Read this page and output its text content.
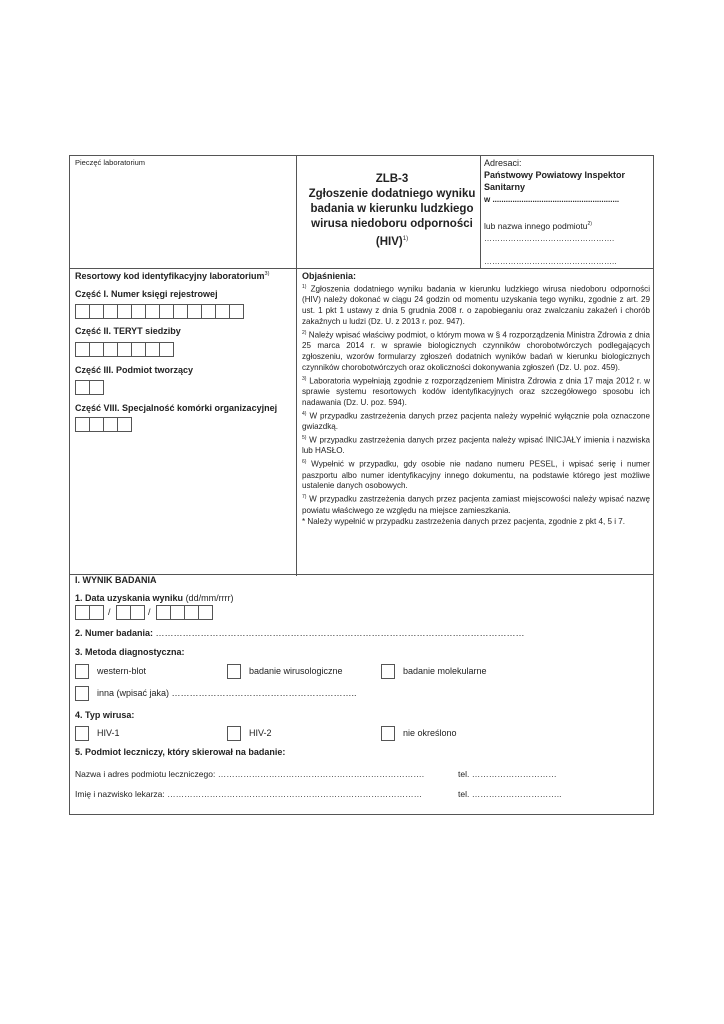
Pieczęć laboratorium
ZLB-3
Zgłoszenie dodatniego wyniku badania w kierunku ludzkiego wirusa niedoboru odporności (HIV)$^{1)}$
Adresaci:
Państwowy Powiatowy Inspektor Sanitarny
w .........................................................
lub nazwa innego podmiotu$^{2)}$
………………………………………….
…………………………………………..
Resortowy kod identyfikacyjny laboratorium$^{3)}$
Część I. Numer księgi rejestrowej
Część II. TERYT siedziby
Część III. Podmiot tworzący
Część VIII. Specjalność komórki organizacyjnej

Objaśnienia:

$^{1)}$ Zgłoszenia dodatniego wyniku badania w kierunku ludzkiego wirusa niedoboru odporności (HIV) należy dokonać w ciągu 24 godzin od momentu uzyskania tego wyniku, zgodnie z art. 29 ust. 1 pkt 1 ustawy z dnia 5 grudnia 2008 r. o zapobieganiu oraz zwalczaniu zakażeń i chorób zakaźnych u ludzi (Dz. U. z 2013 r. poz. 947).

$^{2)}$ Należy wpisać właściwy podmiot, o którym mowa w § 4 rozporządzenia Ministra Zdrowia z dnia 25 marca 2014 r. w sprawie biologicznych czynników chorobotwórczych podlegających zgłoszeniu, wzorów formularzy zgłoszeń dodatnich wyników badań w kierunku biologicznych czynników chorobotwórczych oraz okoliczności dokonywania zgłoszeń (Dz. U. poz. 459).

$^{3)}$ Laboratoria wypełniają zgodnie z rozporządzeniem Ministra Zdrowia z dnia 17 maja 2012 r. w sprawie systemu resortowych kodów identyfikacyjnych oraz szczegółowego sposobu ich nadawania (Dz. U. poz. 594).

$^{4)}$ W przypadku zastrzeżenia danych przez pacjenta należy wypełnić wyłącznie pola oznaczone gwiazdką.

$^{5)}$ W przypadku zastrzeżenia danych przez pacjenta należy wpisać INICJAŁY imienia i nazwiska lub HASŁO.

$^{6)}$ Wypełnić w przypadku, gdy osobie nie nadano numeru PESEL, i wpisać serię i numer paszportu albo numer identyfikacyjny innego dokumentu, na podstawie którego jest możliwe ustalenie danych osobowych.

$^{7)}$ W przypadku zastrzeżenia danych przez pacjenta zamiast miejscowości należy wpisać nazwę powiatu właściwego ze względu na miejsce zamieszkania.

* Należy wypełnić w przypadku zastrzeżenia danych przez pacjenta, zgodnie z pkt 4, 5 i 7.

I. WYNIK BADANIA
1. Data uzyskania wyniku (dd/mm/rrrr)
/	/
2. Numer badania: ……………………………………………………………………………………………………………
3. Metoda diagnostyczna:
western-blot	badanie wirusologiczne	badanie molekularne
inna (wpisać jaka) ……………………………………………………..
4. Typ wirusa:
HIV-1	HIV-2	nie określono
5. Podmiot leczniczy, który skierował na badanie:
Nazwa i adres podmiotu leczniczego: ……………………………………………………………….	tel. …………………………
Imię i nazwisko lekarza: ………………………………………………………………………………	tel. …………………………..
